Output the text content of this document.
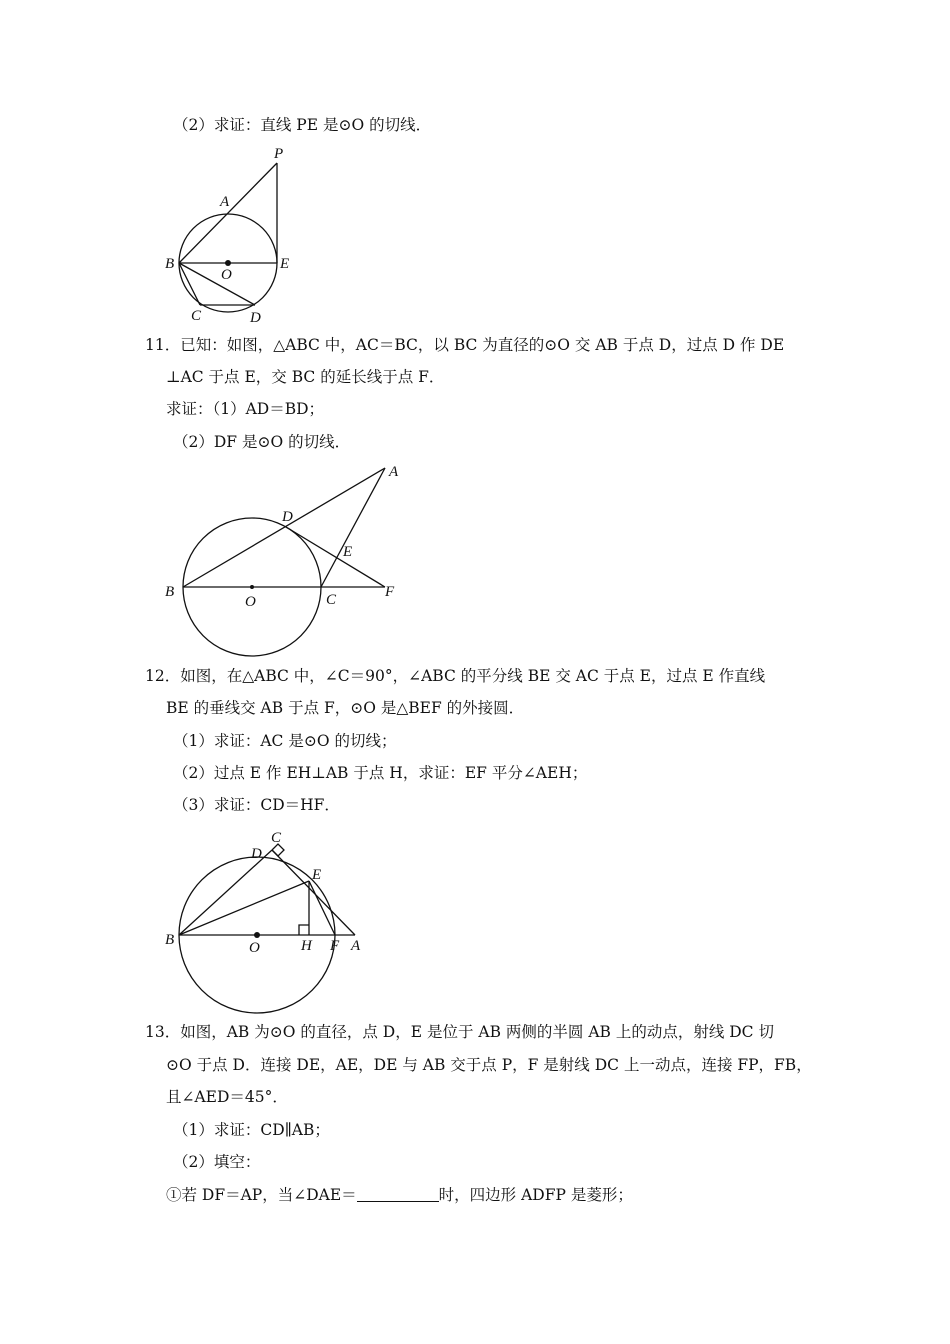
（2）求证：直线 PE 是⊙O 的切线．
P
A
B
O
E
C	D
11．已知：如图，△ABC 中，AC＝BC，以 BC 为直径的⊙O 交 AB 于点 D，过点 D 作 DE
⊥AC 于点 E，交 BC 的延长线于点 F．
求证：（1）AD＝BD；
（2）DF 是⊙O 的切线．
A
D
E
B
O	C	F
12．如图，在△ABC 中，∠C＝90°，∠ABC 的平分线 BE 交 AC 于点 E，过点 E 作直线
BE 的垂线交 AB 于点 F，⊙O 是△BEF 的外接圆．
（1）求证：AC 是⊙O 的切线；
（2）过点 E 作 EH⊥AB 于点 H，求证：EF 平分∠AEH；
（3）求证：CD＝HF．
C
D
E
B	O	H F A
13．如图，AB 为⊙O 的直径，点 D，E 是位于 AB 两侧的半圆 AB 上的动点，射线 DC 切
⊙O 于点 D．连接 DE，AE，DE 与 AB 交于点 P，F 是射线 DC 上一动点，连接 FP，FB，
且∠AED＝45°．
（1）求证：CD∥AB；
（2）填空：
①若 DF＝AP，当∠DAE＝	时，四边形 ADFP 是菱形；
